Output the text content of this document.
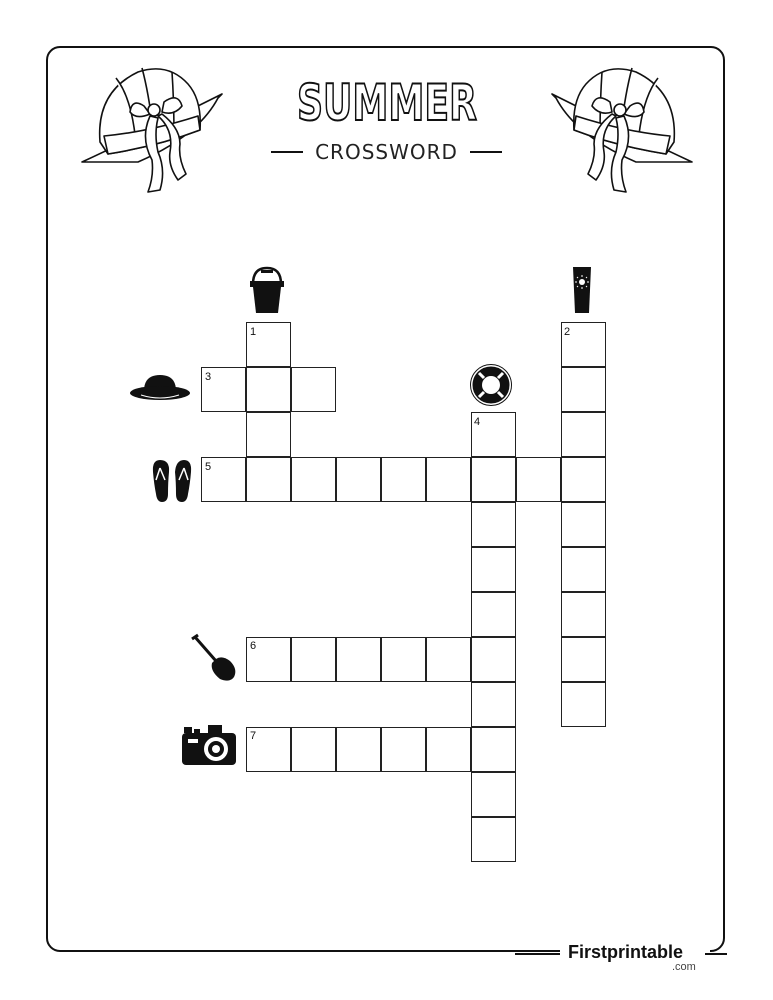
SUMMER
CROSSWORD
Firstprintable
.com
1	2
3
4
5
6
7
